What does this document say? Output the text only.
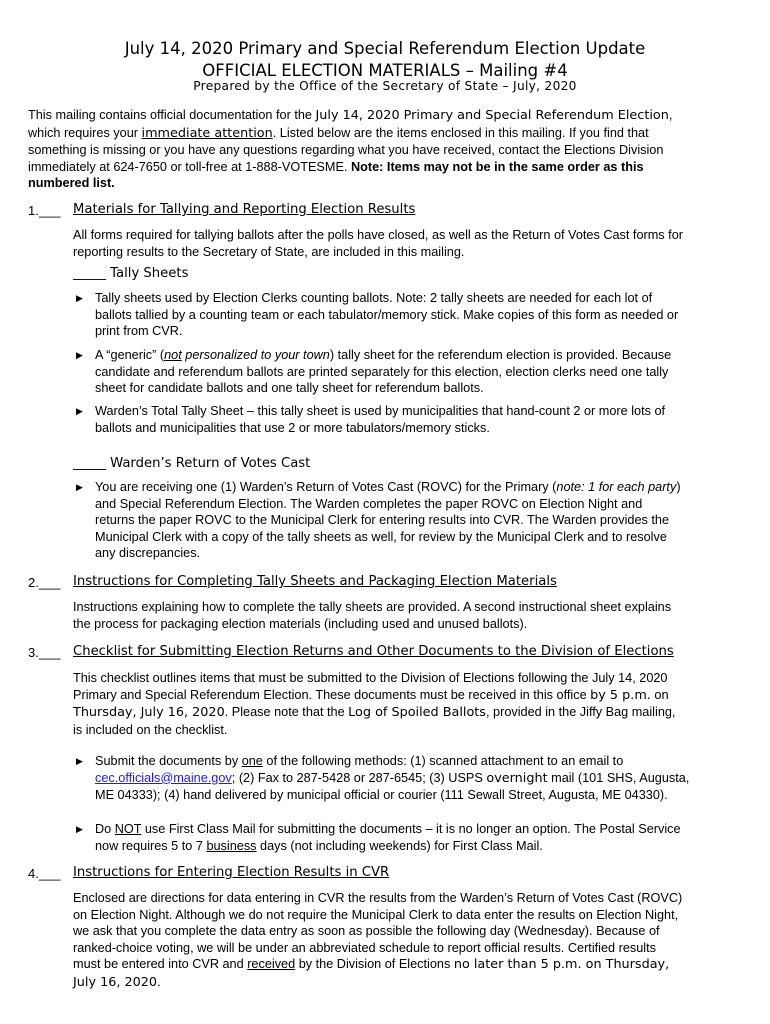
July 14, 2020 Primary and Special Referendum Election Update
OFFICIAL ELECTION MATERIALS – Mailing #4
Prepared by the Office of the Secretary of State – July, 2020
This mailing contains official documentation for the July 14, 2020 Primary and Special Referendum Election,
which requires your immediate attention. Listed below are the items enclosed in this mailing. If you find that
something is missing or you have any questions regarding what you have received, contact the Elections Division
immediately at 624-7650 or toll-free at 1-888-VOTESME. Note: Items may not be in the same order as this
numbered list.
1.___ Materials for Tallying and Reporting Election Results
All forms required for tallying ballots after the polls have closed, as well as the Return of Votes Cast forms for
reporting results to the Secretary of State, are included in this mailing.
_____ Tally Sheets
▶ Tally sheets used by Election Clerks counting ballots. Note: 2 tally sheets are needed for each lot of
ballots tallied by a counting team or each tabulator/memory stick. Make copies of this form as needed or
print from CVR.
▶ A “generic” (not personalized to your town) tally sheet for the referendum election is provided. Because
candidate and referendum ballots are printed separately for this election, election clerks need one tally
sheet for candidate ballots and one tally sheet for referendum ballots.
▶ Warden’s Total Tally Sheet – this tally sheet is used by municipalities that hand-count 2 or more lots of
ballots and municipalities that use 2 or more tabulators/memory sticks.
_____ Warden’s Return of Votes Cast
▶ You are receiving one (1) Warden’s Return of Votes Cast (ROVC) for the Primary (note: 1 for each party)
and Special Referendum Election. The Warden completes the paper ROVC on Election Night and
returns the paper ROVC to the Municipal Clerk for entering results into CVR. The Warden provides the
Municipal Clerk with a copy of the tally sheets as well, for review by the Municipal Clerk and to resolve
any discrepancies.
2.___ Instructions for Completing Tally Sheets and Packaging Election Materials
Instructions explaining how to complete the tally sheets are provided. A second instructional sheet explains
the process for packaging election materials (including used and unused ballots).
3.___ Checklist for Submitting Election Returns and Other Documents to the Division of Elections
This checklist outlines items that must be submitted to the Division of Elections following the July 14, 2020
Primary and Special Referendum Election. These documents must be received in this office by 5 p.m. on
Thursday, July 16, 2020. Please note that the Log of Spoiled Ballots, provided in the Jiffy Bag mailing,
is included on the checklist.
▶ Submit the documents by one of the following methods: (1) scanned attachment to an email to
cec.officials@maine.gov; (2) Fax to 287-5428 or 287-6545; (3) USPS overnight mail (101 SHS, Augusta,
ME 04333); (4) hand delivered by municipal official or courier (111 Sewall Street, Augusta, ME 04330).
▶ Do NOT use First Class Mail for submitting the documents – it is no longer an option. The Postal Service
now requires 5 to 7 business days (not including weekends) for First Class Mail.
4.___ Instructions for Entering Election Results in CVR
Enclosed are directions for data entering in CVR the results from the Warden’s Return of Votes Cast (ROVC)
on Election Night. Although we do not require the Municipal Clerk to data enter the results on Election Night,
we ask that you complete the data entry as soon as possible the following day (Wednesday). Because of
ranked-choice voting, we will be under an abbreviated schedule to report official results. Certified results
must be entered into CVR and received by the Division of Elections no later than 5 p.m. on Thursday,
July 16, 2020.
